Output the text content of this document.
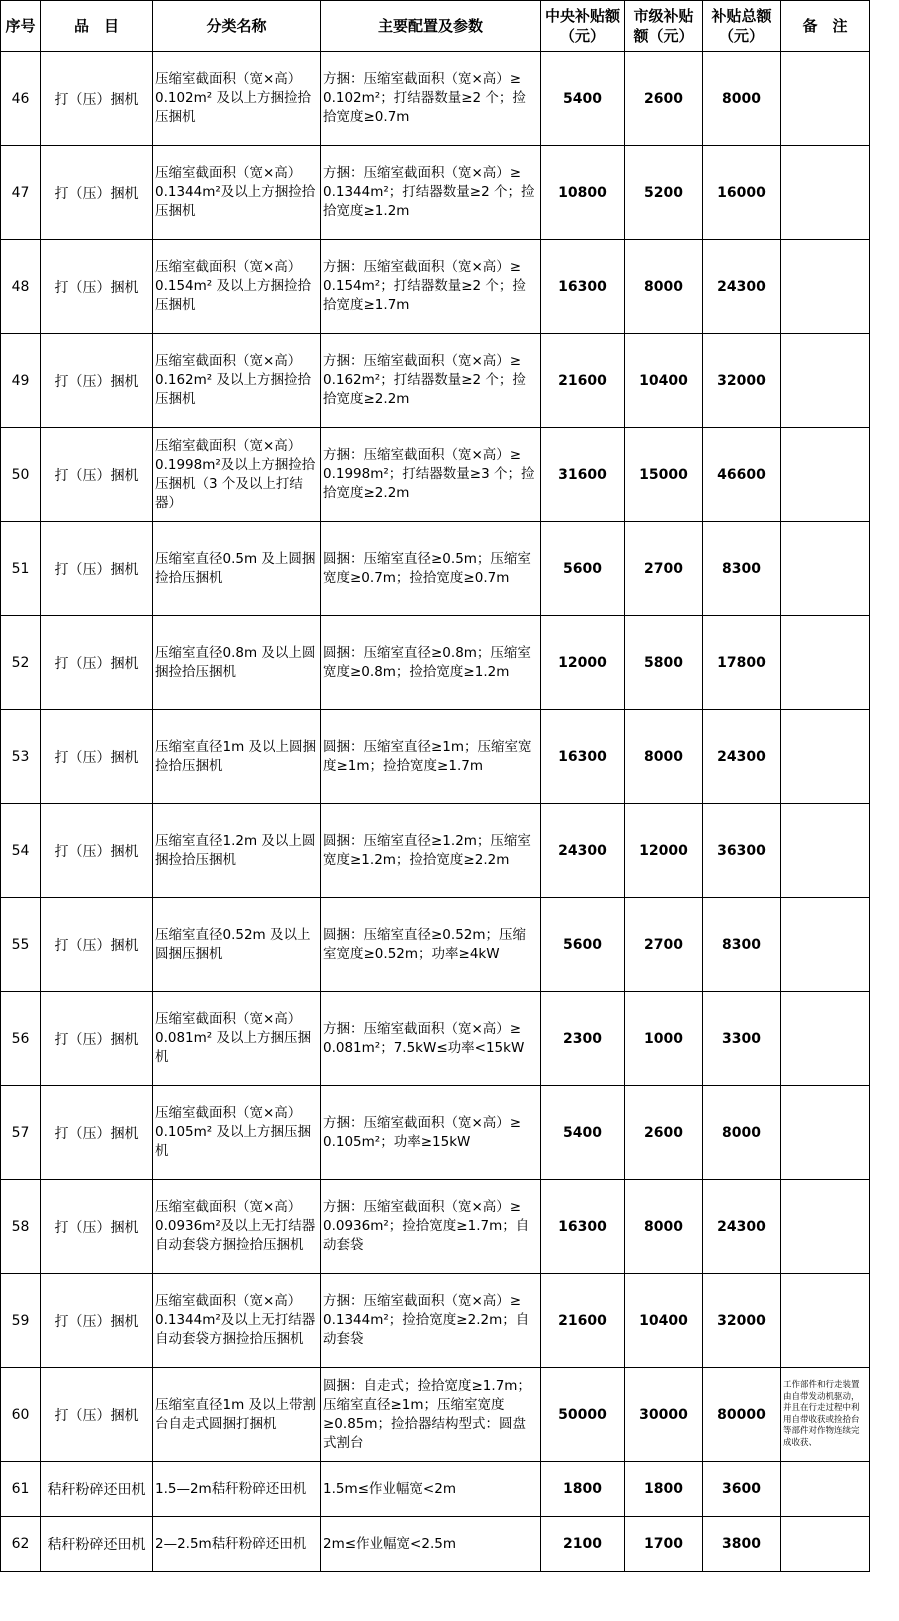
序号	品　目	分类名称	主要配置及参数	中央补贴额（元）	市级补贴额（元）	补贴总额（元）	备　注
46	打（压）捆机	压缩室截面积（宽×高）0.102m² 及以上方捆捡拾压捆机	方捆：压缩室截面积（宽×高）≥ 0.102m²；打结器数量≥2 个；捡拾宽度≥0.7m	5400	2600	8000	
47	打（压）捆机	压缩室截面积（宽×高）0.1344m²及以上方捆捡拾压捆机	方捆：压缩室截面积（宽×高）≥ 0.1344m²；打结器数量≥2 个；捡拾宽度≥1.2m	10800	5200	16000	
48	打（压）捆机	压缩室截面积（宽×高）0.154m² 及以上方捆捡拾压捆机	方捆：压缩室截面积（宽×高）≥ 0.154m²；打结器数量≥2 个；捡拾宽度≥1.7m	16300	8000	24300	
49	打（压）捆机	压缩室截面积（宽×高）0.162m² 及以上方捆捡拾压捆机	方捆：压缩室截面积（宽×高）≥ 0.162m²；打结器数量≥2 个；捡拾宽度≥2.2m	21600	10400	32000	
50	打（压）捆机	压缩室截面积（宽×高）0.1998m²及以上方捆捡拾压捆机（3 个及以上打结器）	方捆：压缩室截面积（宽×高）≥ 0.1998m²；打结器数量≥3 个；捡拾宽度≥2.2m	31600	15000	46600	
51	打（压）捆机	压缩室直径0.5m 及上圆捆捡拾压捆机	圆捆：压缩室直径≥0.5m；压缩室宽度≥0.7m；捡拾宽度≥0.7m	5600	2700	8300	
52	打（压）捆机	压缩室直径0.8m 及以上圆捆捡拾压捆机	圆捆：压缩室直径≥0.8m；压缩室宽度≥0.8m；捡拾宽度≥1.2m	12000	5800	17800	
53	打（压）捆机	压缩室直径1m 及以上圆捆捡拾压捆机	圆捆：压缩室直径≥1m；压缩室宽度≥1m；捡拾宽度≥1.7m	16300	8000	24300	
54	打（压）捆机	压缩室直径1.2m 及以上圆捆捡拾压捆机	圆捆：压缩室直径≥1.2m；压缩室宽度≥1.2m；捡拾宽度≥2.2m	24300	12000	36300	
55	打（压）捆机	压缩室直径0.52m 及以上圆捆压捆机	圆捆：压缩室直径≥0.52m；压缩室宽度≥0.52m；功率≥4kW	5600	2700	8300	
56	打（压）捆机	压缩室截面积（宽×高）0.081m² 及以上方捆压捆机	方捆：压缩室截面积（宽×高）≥ 0.081m²；7.5kW≤功率<15kW	2300	1000	3300	
57	打（压）捆机	压缩室截面积（宽×高）0.105m² 及以上方捆压捆机	方捆：压缩室截面积（宽×高）≥ 0.105m²；功率≥15kW	5400	2600	8000	
58	打（压）捆机	压缩室截面积（宽×高）0.0936m²及以上无打结器自动套袋方捆捡拾压捆机	方捆：压缩室截面积（宽×高）≥ 0.0936m²；捡拾宽度≥1.7m；自动套袋	16300	8000	24300	
59	打（压）捆机	压缩室截面积（宽×高）0.1344m²及以上无打结器自动套袋方捆捡拾压捆机	方捆：压缩室截面积（宽×高）≥ 0.1344m²；捡拾宽度≥2.2m；自动套袋	21600	10400	32000	
60	打（压）捆机	压缩室直径1m 及以上带割台自走式圆捆打捆机	圆捆：自走式；捡拾宽度≥1.7m；压缩室直径≥1m；压缩室宽度≥0.85m；捡拾器结构型式：圆盘式割台	50000	30000	80000	工作部件和行走装置由自带发动机驱动，并且在行走过程中利用自带收获或捡拾台等部件对作物连续完成收获、
61	秸秆粉碎还田机	1.5—2m秸秆粉碎还田机	1.5m≤作业幅宽<2m	1800	1800	3600	
62	秸秆粉碎还田机	2—2.5m秸秆粉碎还田机	2m≤作业幅宽<2.5m	2100	1700	3800	
